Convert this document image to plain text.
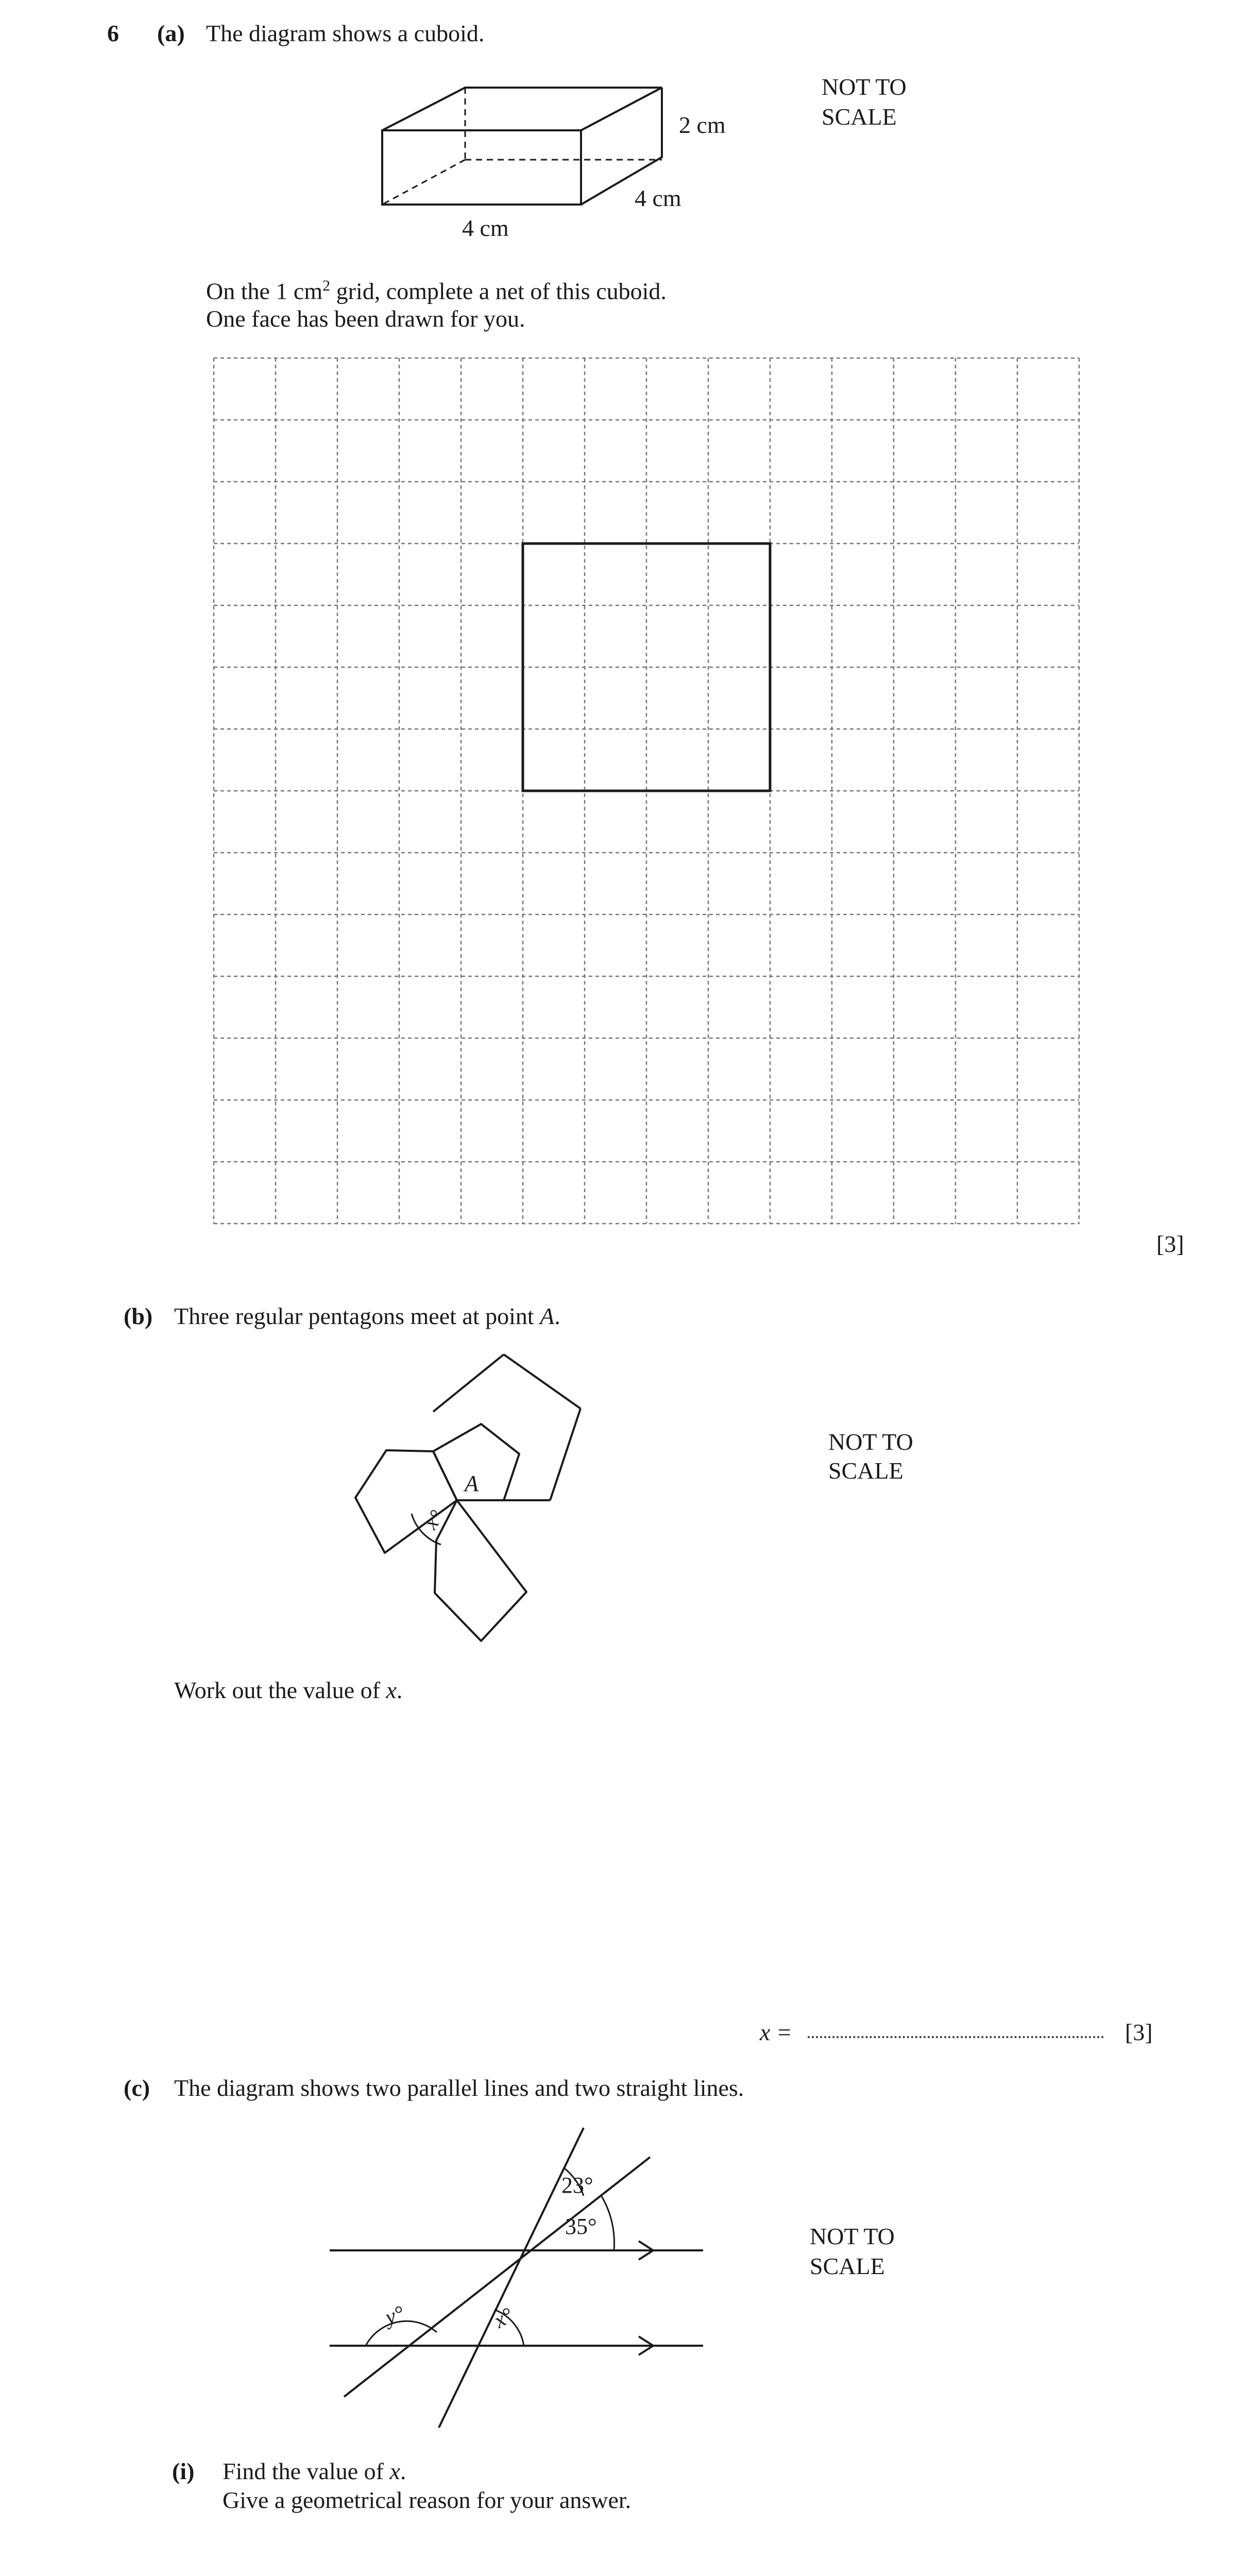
6 (a) The diagram shows a cuboid.
2 cm
4 cm
4 cm
NOT TO
SCALE
On the 1 $cm^2$ grid, complete a net of this cuboid.
One face has been drawn for you.
[3]
(b) Three regular pentagons meet at point A.
A
x°
NOT TO
SCALE
Work out the value of x.
x =	[3]
(c) The diagram shows two parallel lines and two straight lines.
23°
35°
y°	x°
NOT TO
SCALE
(i) Find the value of x.
Give a geometrical reason for your answer.
